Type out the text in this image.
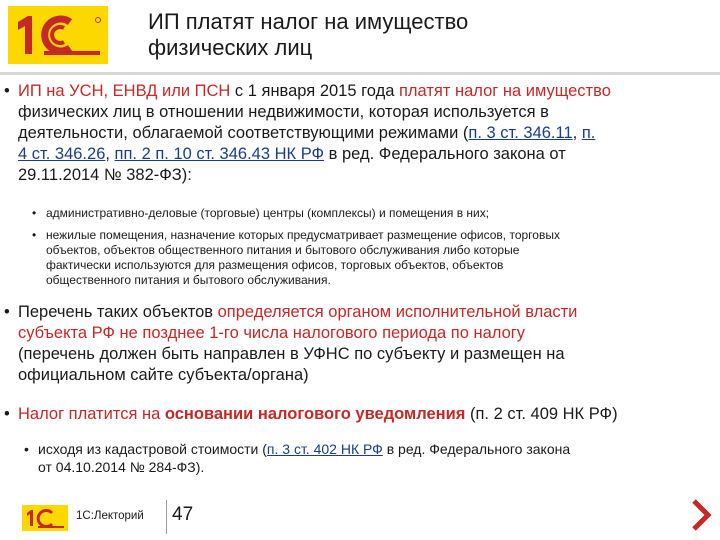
ИП платят налог на имущество
физических лиц
• ИП на УСН, ЕНВД или ПСН с 1 января 2015 года платят налог на имущество
физических лиц в отношении недвижимости, которая используется в
деятельности, облагаемой соответствующими режимами (п. 3 ст. 346.11, п.
4 ст. 346.26, пп. 2 п. 10 ст. 346.43 НК РФ в ред. Федерального закона от
29.11.2014 № 382-ФЗ):
• административно-деловые (торговые) центры (комплексы) и помещения в них;
• нежилые помещения, назначение которых предусматривает размещение офисов, торговых
объектов, объектов общественного питания и бытового обслуживания либо которые
фактически используются для размещения офисов, торговых объектов, объектов
общественного питания и бытового обслуживания.
• Перечень таких объектов определяется органом исполнительной власти
субъекта РФ не позднее 1-го числа налогового периода по налогу
(перечень должен быть направлен в УФНС по субъекту и размещен на
официальном сайте субъекта/органа)
• Налог платится на основании налогового уведомления (п. 2 ст. 409 НК РФ)
• исходя из кадастровой стоимости (п. 3 ст. 402 НК РФ в ред. Федерального закона
от 04.10.2014 № 284-ФЗ).
1С:Лекторий 47
